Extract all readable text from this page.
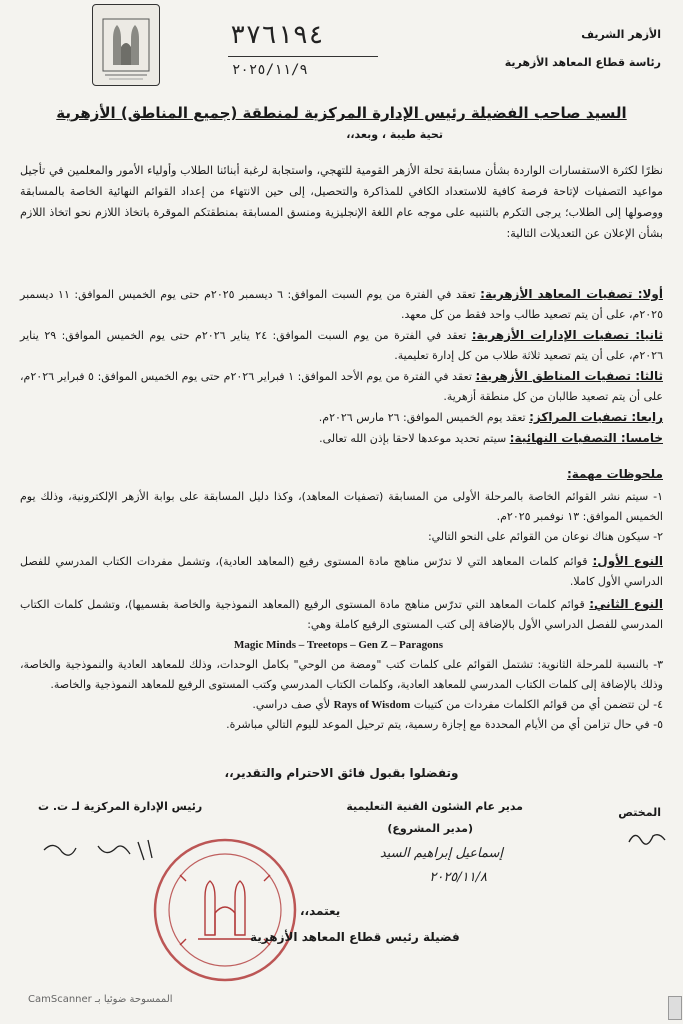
الأزهر الشريف
رئاسة قطاع المعاهد الأزهرية
٣٧٦١٩٤
٢٠٢٥/١١/٩
السيد صاحب الفضيلة رئيس الإدارة المركزية لمنطقة (جميع المناطق) الأزهرية
تحية طيبة ، وبعد،،

نظرًا لكثرة الاستفسارات الواردة بشأن مسابقة تحلة الأزهر القومية للتهجي، واستجابة لرغبة أبنائنا الطلاب وأولياء الأمور والمعلمين في تأجيل مواعيد التصفيات لإتاحة فرصة كافية للاستعداد الكافي للمذاكرة والتحصيل، إلى حين الانتهاء من إعداد القوائم النهائية الخاصة بالمسابقة ووصولها إلى الطلاب؛ يرجى التكرم بالتنبيه على موجه عام اللغة الإنجليزية ومنسق المسابقة بمنطقتكم الموقرة باتخاذ اللازم نحو اتخاذ اللازم بشأن الإعلان عن التعديلات التالية:

أولا: تصفيات المعاهد الأزهرية: تعقد في الفترة من يوم السبت الموافق: ٦ ديسمبر ٢٠٢٥م حتى يوم الخميس الموافق: ١١ ديسمبر ٢٠٢٥م، على أن يتم تصعيد طالب واحد فقط من كل معهد.

ثانيا: تصفيات الإدارات الأزهرية: تعقد في الفترة من يوم السبت الموافق: ٢٤ يناير ٢٠٢٦م حتى يوم الخميس الموافق: ٢٩ يناير ٢٠٢٦م، على أن يتم تصعيد ثلاثة طلاب من كل إدارة تعليمية.

ثالثا: تصفيات المناطق الأزهرية: تعقد في الفترة من يوم الأحد الموافق: ١ فبراير ٢٠٢٦م حتى يوم الخميس الموافق: ٥ فبراير ٢٠٢٦م، على أن يتم تصعيد طالبان من كل منطقة أزهرية.

رابعا: تصفيات المراكز: تعقد يوم الخميس الموافق: ٢٦ مارس ٢٠٢٦م.

خامسا: التصفيات النهائية: سيتم تحديد موعدها لاحقا بإذن الله تعالى.

ملحوظات مهمة:

١- سيتم نشر القوائم الخاصة بالمرحلة الأولى من المسابقة (تصفيات المعاهد)، وكذا دليل المسابقة على بوابة الأزهر الإلكترونية، وذلك يوم الخميس الموافق: ١٣ نوفمبر ٢٠٢٥م.

٢- سيكون هناك نوعان من القوائم على النحو التالي:

النوع الأول: قوائم كلمات المعاهد التي لا تدرّس مناهج مادة المستوى رفيع (المعاهد العادية)، وتشمل مفردات الكتاب المدرسي للفصل الدراسي الأول كاملا.

النوع الثاني: قوائم كلمات المعاهد التي تدرّس مناهج مادة المستوى الرفيع (المعاهد النموذجية والخاصة بقسميها)، وتشمل كلمات الكتاب المدرسي للفصل الدراسي الأول بالإضافة إلى كتب المستوى الرفيع كاملة وهي:

Magic Minds – Treetops – Gen Z – Paragons

٣- بالنسبة للمرحلة الثانوية: تشتمل القوائم على كلمات كتب "ومضة من الوحي" بكامل الوحدات، وذلك للمعاهد العادية والنموذجية والخاصة، وذلك بالإضافة إلى كلمات الكتاب المدرسي للمعاهد العادية، وكلمات الكتاب المدرسي وكتب المستوى الرفيع للمعاهد النموذجية والخاصة.

٤- لن تتضمن أي من قوائم الكلمات مفردات من كتيبات Rays of Wisdom لأي صف دراسي.

٥- في حال تزامن أي من الأيام المحددة مع إجازة رسمية، يتم ترحيل الموعد لليوم التالي مباشرة.

وتفضلوا بقبول فائق الاحترام والتقدير،،
المختص
مدير عام الشئون الفنية التعليمية
(مدير المشروع)
إسماعيل إبراهيم السيد
٢٠٢٥/١١/٨
رئيس الإدارة المركزية لـ ت. ت
يعتمد،،
فضيلة رئيس قطاع المعاهد الأزهرية
الممسوحة ضوئيا بـ CamScanner
